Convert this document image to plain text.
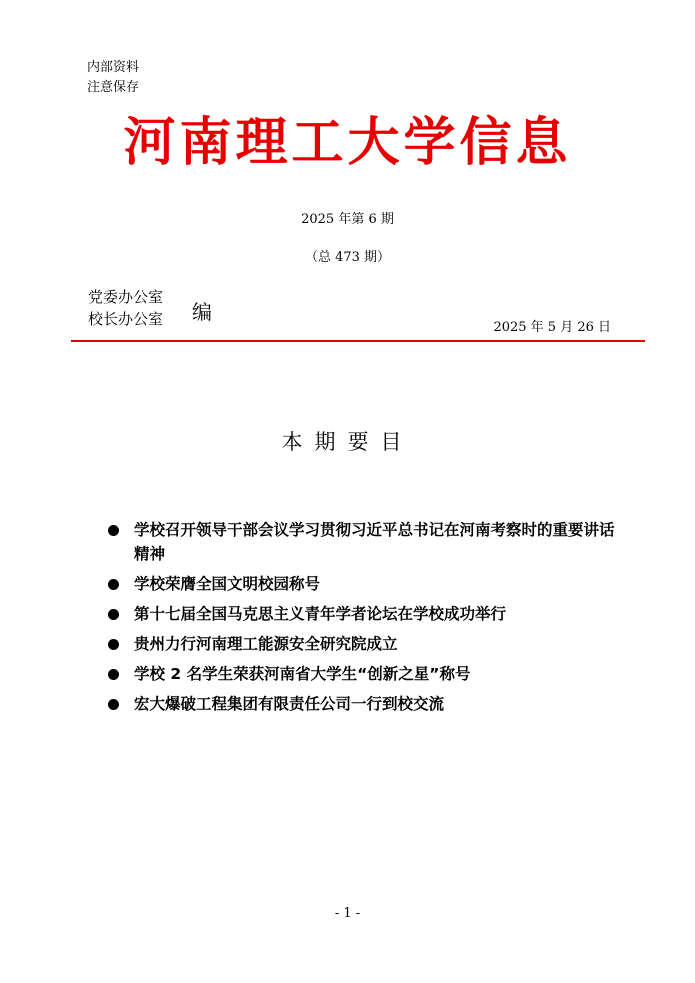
内部资料
注意保存
河南理工大学信息
2025 年第 6 期
（总 473 期）
党委办公室
校长办公室 编
2025 年 5 月 26 日
本期要目
学校召开领导干部会议学习贯彻习近平总书记在河南考察时的重要讲话精神
学校荣膺全国文明校园称号
第十七届全国马克思主义青年学者论坛在学校成功举行
贵州力行河南理工能源安全研究院成立
学校 2 名学生荣获河南省大学生“创新之星”称号
宏大爆破工程集团有限责任公司一行到校交流
- 1 -
